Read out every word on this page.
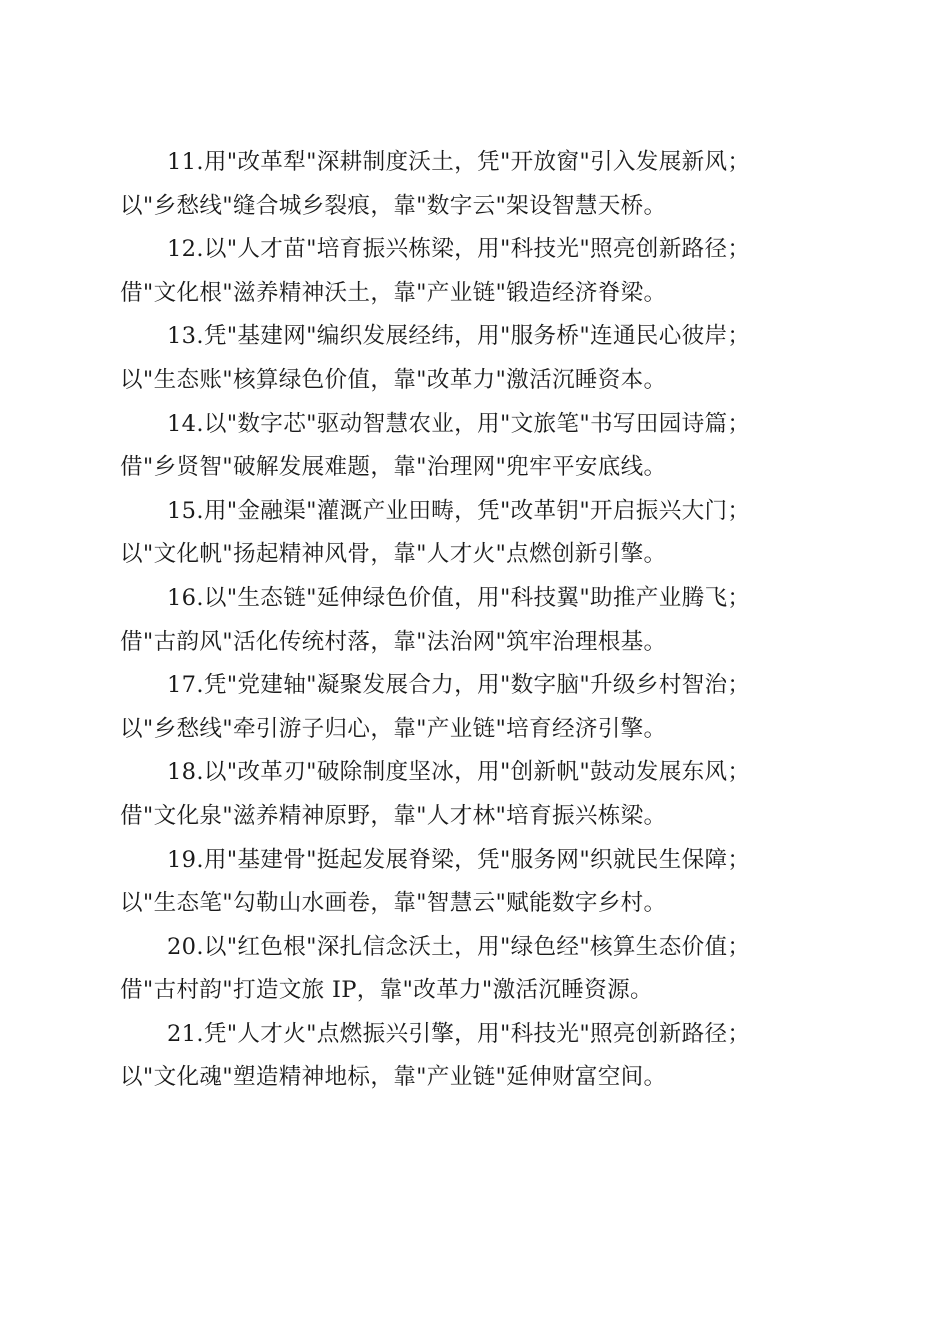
11.用"改革犁"深耕制度沃土，凭"开放窗"引入发展新风；
以"乡愁线"缝合城乡裂痕，靠"数字云"架设智慧天桥。

12.以"人才苗"培育振兴栋梁，用"科技光"照亮创新路径；
借"文化根"滋养精神沃土，靠"产业链"锻造经济脊梁。

13.凭"基建网"编织发展经纬，用"服务桥"连通民心彼岸；
以"生态账"核算绿色价值，靠"改革力"激活沉睡资本。

14.以"数字芯"驱动智慧农业，用"文旅笔"书写田园诗篇；
借"乡贤智"破解发展难题，靠"治理网"兜牢平安底线。

15.用"金融渠"灌溉产业田畴，凭"改革钥"开启振兴大门；
以"文化帆"扬起精神风骨，靠"人才火"点燃创新引擎。

16.以"生态链"延伸绿色价值，用"科技翼"助推产业腾飞；
借"古韵风"活化传统村落，靠"法治网"筑牢治理根基。

17.凭"党建轴"凝聚发展合力，用"数字脑"升级乡村智治；
以"乡愁线"牵引游子归心，靠"产业链"培育经济引擎。

18.以"改革刃"破除制度坚冰，用"创新帆"鼓动发展东风；
借"文化泉"滋养精神原野，靠"人才林"培育振兴栋梁。

19.用"基建骨"挺起发展脊梁，凭"服务网"织就民生保障；
以"生态笔"勾勒山水画卷，靠"智慧云"赋能数字乡村。

20.以"红色根"深扎信念沃土，用"绿色经"核算生态价值；
借"古村韵"打造文旅 IP，靠"改革力"激活沉睡资源。

21.凭"人才火"点燃振兴引擎，用"科技光"照亮创新路径；
以"文化魂"塑造精神地标，靠"产业链"延伸财富空间。
